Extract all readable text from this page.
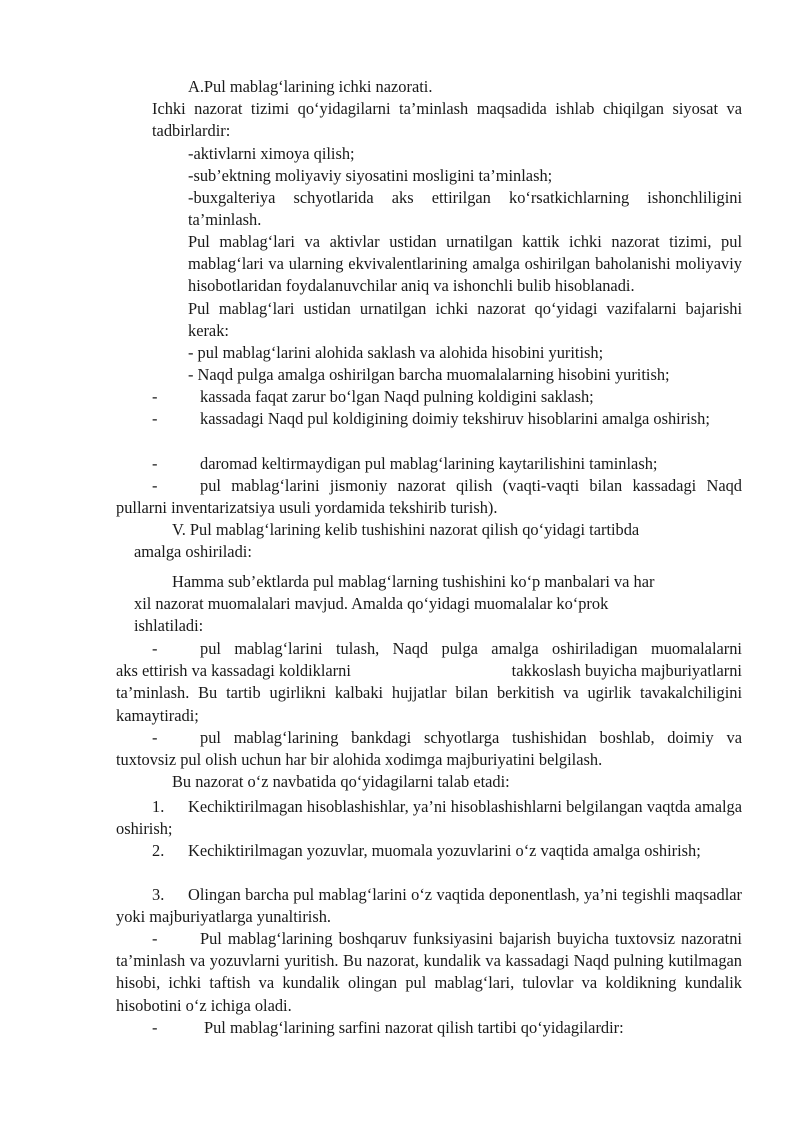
A.Pul mablag‘larining ichki nazorati.

Ichki nazorat tizimi qo‘yidagilarni ta’minlash maqsadida ishlab chiqilgan siyosat va tadbirlardir:

-aktivlarni ximoya qilish;

-sub’ektning moliyaviy siyosatini mosligini ta’minlash;

-buxgalteriya schyotlarida aks ettirilgan ko‘rsatkichlarning ishonchliligini ta’minlash.

Pul mablag‘lari va aktivlar ustidan urnatilgan kattik ichki nazorat tizimi, pul mablag‘lari va ularning ekvivalentlarining amalga oshirilgan baholanishi moliyaviy hisobotlaridan foydalanuvchilar aniq va ishonchli bulib hisoblanadi.

Pul mablag‘lari ustidan urnatilgan ichki nazorat qo‘yidagi vazifalarni bajarishi kerak:

- pul mablag‘larini alohida saklash va alohida hisobini yuritish;

- Naqd pulga amalga oshirilgan barcha muomalalarning hisobini yuritish;

-	kassada faqat zarur bo‘lgan Naqd pulning koldigini saklash;

-	kassadagi Naqd pul koldigining doimiy tekshiruv hisoblarini amalga oshirish;

-	daromad keltirmaydigan pul mablag‘larining kaytarilishini taminlash;

-	pul mablag‘larini jismoniy nazorat qilish (vaqti-vaqti bilan kassadagi Naqd pullarni inventarizatsiya usuli yordamida tekshirib turish).

V. Pul mablag‘larining kelib tushishini nazorat qilish qo‘yidagi tartibda
amalga oshiriladi:
Hamma sub’ektlarda pul mablag‘larning tushishini ko‘p manbalari va har
xil nazorat muomalalari mavjud. Amalda qo‘yidagi muomalalar ko‘prok
ishlatiladi:
-	pul mablag‘larini tulash, Naqd pulga amalga oshiriladigan muomalalarni
aks ettirish va kassadagi koldiklarni	takkoslash buyicha majburiyatlarni
ta’minlash. Bu tartib ugirlikni kalbaki hujjatlar bilan berkitish va ugirlik tavakalchiligini kamaytiradi;

-	pul mablag‘larining bankdagi schyotlarga tushishidan boshlab, doimiy va tuxtovsiz pul olish uchun har bir alohida xodimga majburiyatini belgilash.

Bu nazorat o‘z navbatida qo‘yidagilarni talab etadi:

1. Kechiktirilmagan hisoblashishlar, ya’ni hisoblashishlarni belgilangan vaqtda amalga oshirish;

2. Kechiktirilmagan yozuvlar, muomala yozuvlarini o‘z vaqtida amalga oshirish;

3. Olingan barcha pul mablag‘larini o‘z vaqtida deponentlash, ya’ni tegishli maqsadlar yoki majburiyatlarga yunaltirish.

-	Pul mablag‘larining boshqaruv funksiyasini bajarish buyicha tuxtovsiz nazoratni ta’minlash va yozuvlarni yuritish. Bu nazorat, kundalik va kassadagi Naqd pulning kutilmagan hisobi, ichki taftish va kundalik olingan pul mablag‘lari, tulovlar va koldikning kundalik hisobotini o‘z ichiga oladi.

-	Pul mablag‘larining sarfini nazorat qilish tartibi qo‘yidagilardir:
